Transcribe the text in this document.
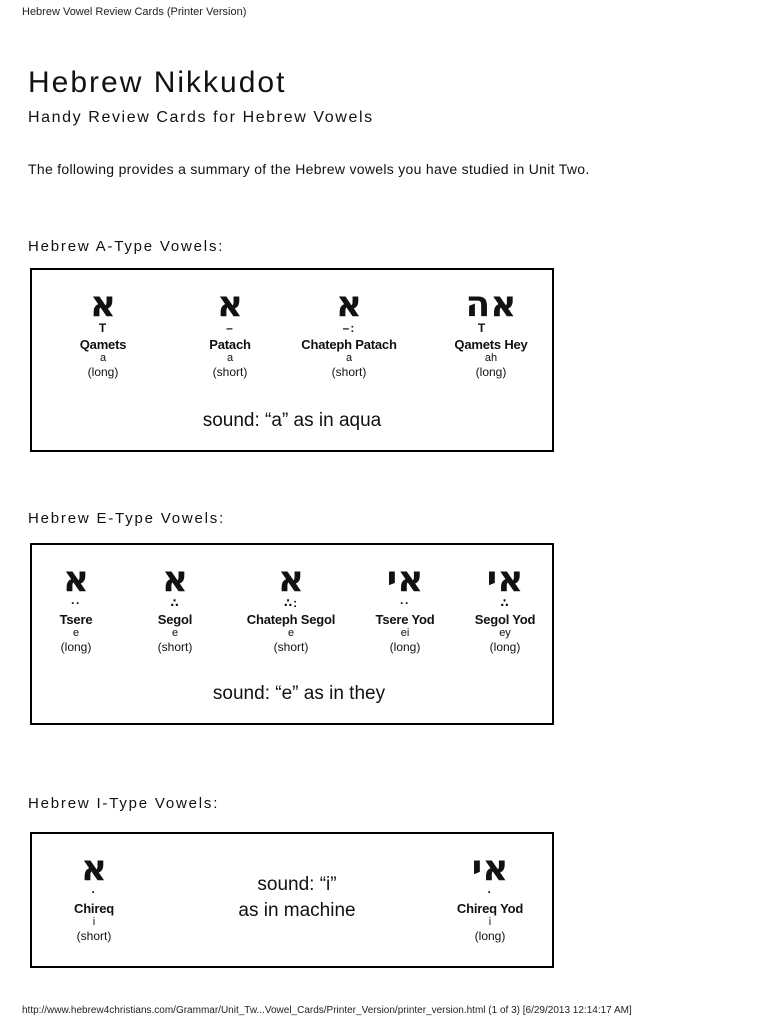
Hebrew Vowel Review Cards (Printer Version)
Hebrew Nikkudot
Handy Review Cards for Hebrew Vowels
The following provides a summary of the Hebrew vowels you have studied in Unit Two.
Hebrew A-Type Vowels:
א
T
Qamets
a
(long)
א
–
Patach
a
(short)
א
–:
Chateph Patach
a
(short)
אה
T
Qamets Hey
ah
(long)
sound: “a” as in aqua
Hebrew E-Type Vowels:
א
··
Tsere
e
(long)
א
∴
Segol
e
(short)
א
∴:
Chateph Segol
e
(short)
אי
··
Tsere Yod
ei
(long)
אי
∴
Segol Yod
ey
(long)
sound: “e” as in they
Hebrew I-Type Vowels:
א
·
Chireq
i
(short)
sound: “i”
as in machine
אי
·
Chireq Yod
i
(long)
http://www.hebrew4christians.com/Grammar/Unit_Tw...Vowel_Cards/Printer_Version/printer_version.html (1 of 3) [6/29/2013 12:14:17 AM]
